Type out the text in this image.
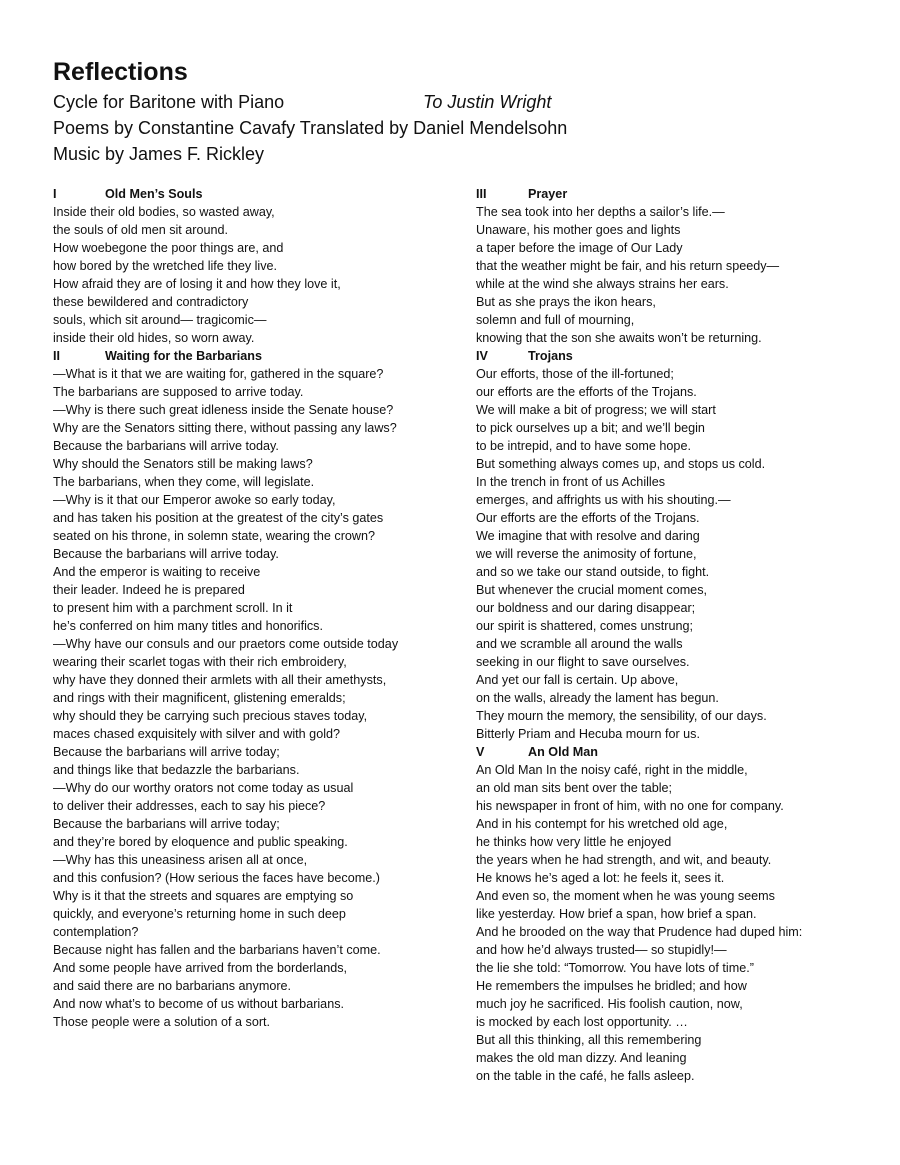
Reflections
Cycle for Baritone with Piano	To Justin Wright
Poems by Constantine Cavafy Translated by Daniel Mendelsohn
Music by James F. Rickley
I	Old Men’s Souls
Inside their old bodies, so wasted away,
the souls of old men sit around.
How woebegone the poor things are, and
how bored by the wretched life they live.
How afraid they are of losing it and how they love it,
these bewildered and contradictory
souls, which sit around— tragicomic—
inside their old hides, so worn away.
II	Waiting for the Barbarians
—What is it that we are waiting for, gathered in the square?
The barbarians are supposed to arrive today.
—Why is there such great idleness inside the Senate house?
Why are the Senators sitting there, without passing any laws?
Because the barbarians will arrive today.
Why should the Senators still be making laws?
The barbarians, when they come, will legislate.
—Why is it that our Emperor awoke so early today,
and has taken his position at the greatest of the city’s gates
seated on his throne, in solemn state, wearing the crown?
Because the barbarians will arrive today.
And the emperor is waiting to receive
their leader. Indeed he is prepared
to present him with a parchment scroll. In it
he’s conferred on him many titles and honorifics.
—Why have our consuls and our praetors come outside today
wearing their scarlet togas with their rich embroidery,
why have they donned their armlets with all their amethysts,
and rings with their magnificent, glistening emeralds;
why should they be carrying such precious staves today,
maces chased exquisitely with silver and with gold?
Because the barbarians will arrive today;
and things like that bedazzle the barbarians.
—Why do our worthy orators not come today as usual
to deliver their addresses, each to say his piece?
Because the barbarians will arrive today;
and they’re bored by eloquence and public speaking.
—Why has this uneasiness arisen all at once,
and this confusion? (How serious the faces have become.)
Why is it that the streets and squares are emptying so
quickly, and everyone’s returning home in such deep
contemplation?
Because night has fallen and the barbarians haven’t come.
And some people have arrived from the borderlands,
and said there are no barbarians anymore.
And now what’s to become of us without barbarians.
Those people were a solution of a sort.
III	Prayer
The sea took into her depths a sailor’s life.—
Unaware, his mother goes and lights
a taper before the image of Our Lady
that the weather might be fair, and his return speedy—
while at the wind she always strains her ears.
But as she prays the ikon hears,
solemn and full of mourning,
knowing that the son she awaits won’t be returning.
IV	Trojans
Our efforts, those of the ill-fortuned;
our efforts are the efforts of the Trojans.
We will make a bit of progress; we will start
to pick ourselves up a bit; and we’ll begin
to be intrepid, and to have some hope.
But something always comes up, and stops us cold.
In the trench in front of us Achilles
emerges, and affrights us with his shouting.—
Our efforts are the efforts of the Trojans.
We imagine that with resolve and daring
we will reverse the animosity of fortune,
and so we take our stand outside, to fight.
But whenever the crucial moment comes,
our boldness and our daring disappear;
our spirit is shattered, comes unstrung;
and we scramble all around the walls
seeking in our flight to save ourselves.
And yet our fall is certain. Up above,
on the walls, already the lament has begun.
They mourn the memory, the sensibility, of our days.
Bitterly Priam and Hecuba mourn for us.
V	An Old Man
An Old Man In the noisy café, right in the middle,
an old man sits bent over the table;
his newspaper in front of him, with no one for company.
And in his contempt for his wretched old age,
he thinks how very little he enjoyed
the years when he had strength, and wit, and beauty.
He knows he’s aged a lot: he feels it, sees it.
And even so, the moment when he was young seems
like yesterday. How brief a span, how brief a span.
And he brooded on the way that Prudence had duped him:
and how he’d always trusted— so stupidly!—
the lie she told: “Tomorrow. You have lots of time.”
He remembers the impulses he bridled; and how
much joy he sacrificed. His foolish caution, now,
is mocked by each lost opportunity. …
But all this thinking, all this remembering
makes the old man dizzy. And leaning
on the table in the café, he falls asleep.
